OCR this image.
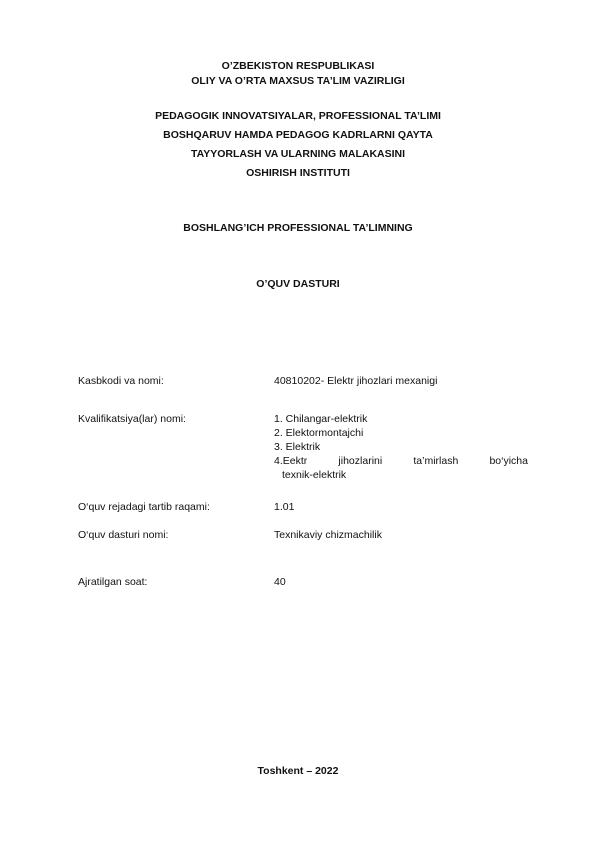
O’ZBEKISTON RESPUBLIKASI
OLIY VA O’RTA MAXSUS TA’LIM VAZIRLIGI
PEDAGOGIK INNOVATSIYALAR, PROFESSIONAL TA’LIMI
BOSHQARUV HAMDA PEDAGOG KADRLARNI QAYTA
TAYYORLASH VA ULARNING MALAKASINI
OSHIRISH INSTITUTI
BOSHLANG’ICH PROFESSIONAL TA’LIMNING
O’QUV DASTURI
Kasbkodi va nomi:	40810202- Elektr jihozlari mexanigi
Kvalifikatsiya(lar) nomi:	1. Chilangar-elektrik
2. Elektormontajchi
3. Elektrik
4.Eektr jihozlarini ta’mirlash bo‘yicha
texnik-elektrik
O‘quv rejadagi tartib raqami:	1.01
O‘quv dasturi nomi:	Texnikaviy chizmachilik
Ajratilgan soat:	40
Toshkent – 2022
